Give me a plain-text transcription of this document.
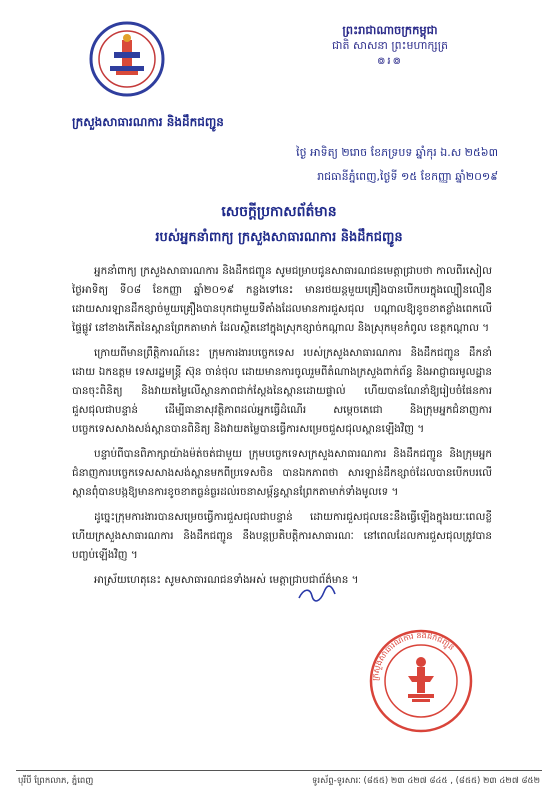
ព្រះរាជាណាចក្រកម្ពុជា
ជាតិ សាសនា ព្រះមហាក្សត្រ
៙៛៙
ក្រសួងសាធារណការ និងដឹកជញ្ជូន
ថ្ងៃ អាទិត្យ ២រោច ខែភទ្របទ ឆ្នាំកុរ ឯ.ស ២៥៦៣
រាជធានីភ្នំពេញ,ថ្ងៃទី ១៥ ខែកញ្ញា ឆ្នាំ២០១៩
សេចក្តីប្រកាសព័ត៌មាន
របស់អ្នកនាំពាក្យ ក្រសួងសាធារណការ និងដឹកជញ្ជូន

អ្នកនាំពាក្យ ក្រសួងសាធារណការ និងដឹកជញ្ជូន សូមជម្រាបជូនសាធារណជនមេត្តាជ្រាបថា កាលពីរសៀលថ្ងៃអាទិត្យ ទី០៨ ខែកញ្ញា ឆ្នាំ២០១៩ កន្លងទៅនេះ មានរថយន្តមួយគ្រឿងបានបើកបរក្នុងល្បឿនលឿន ដោយសារឡានដឹកខ្សាច់មួយគ្រឿងបានបុកជាមួយទីតាំងដែលមានការជួសជុល បណ្តាលឱ្យខូចខាតខ្លាំងពេកលើផ្ទៃផ្លូវ នៅខាងកើតនៃស្ពានព្រែកតាមាក់ ដែលស្ថិតនៅក្នុងស្រុកខ្សាច់កណ្តាល និងស្រុកមុខកំពូល ខេត្តកណ្តាល ។

ក្រោយពីមានព្រឹត្តិការណ៍នេះ ក្រុមការងារបច្ចេកទេស របស់ក្រសួងសាធារណការ និងដឹកជញ្ជូន ដឹកនាំដោយ ឯកឧត្តម ទេសរដ្ឋមន្ត្រី ស៊ុន ចាន់ថុល ដោយមានការចូលរួមពីតំណាងក្រសួងពាក់ព័ន្ធ និងអាជ្ញាធរមូលដ្ឋាន បានចុះពិនិត្យ និងវាយតម្លៃលើស្ថានភាពជាក់ស្តែងនៃស្ពានដោយផ្ទាល់ ហើយបានណែនាំឱ្យរៀបចំផែនការជួសជុលជាបន្ទាន់ ដើម្បីធានាសុវត្ថិភាពដល់អ្នកធ្វើដំណើរ សម្តេចតេជោ និងក្រុមអ្នកជំនាញការបច្ចេកទេសសាងសង់ស្ពានបានពិនិត្យ និងវាយតម្លៃបានធ្វើការសម្រេចជួសជុលស្ពានឡើងវិញ ។

បន្ទាប់ពីបានពិភាក្សាយ៉ាងម៉ត់ចត់ជាមួយ ក្រុមបច្ចេកទេសក្រសួងសាធារណការ និងដឹកជញ្ជូន និងក្រុមអ្នកជំនាញការបច្ចេកទេសសាងសង់ស្ពានមកពីប្រទេសចិន បានឯកភាពថា សារឡាន់ដឹកខ្សាច់ដែលបានបើកបរលើស្ពានពុំបានបង្កឱ្យមានការខូចខាតធ្ងន់ធ្ងរដល់រចនាសម្ព័ន្ធស្ពានព្រែកតាមាក់ទាំងមូលទេ ។

ដូច្នេះក្រុមការងារបានសម្រេចធ្វើការជួសជុលជាបន្ទាន់ ដោយការជួសជុលនេះនឹងធ្វើឡើងក្នុងរយៈពេលខ្លី ហើយក្រសួងសាធារណការ និងដឹកជញ្ជូន នឹងបន្តប្រតិបត្តិការសាធារណៈ នៅពេលដែលការជួសជុលត្រូវបានបញ្ចប់ឡើងវិញ ។

អាស្រ័យហេតុនេះ សូមសាធារណជនទាំងអស់ មេត្តាជ្រាបជាព័ត៌មាន ។

ក្រសួងសាធារណការ និងដឹកជញ្ជូន
បុរីបី ព្រែកលាភ, ភ្នំពេញ	ទូរស័ព្ទ-ទូរសារៈ (៨៥៥) ២៣ ៤២៧ ៨៤៥ , (៨៥៥) ២៣ ៤២៧ ៨៥២
